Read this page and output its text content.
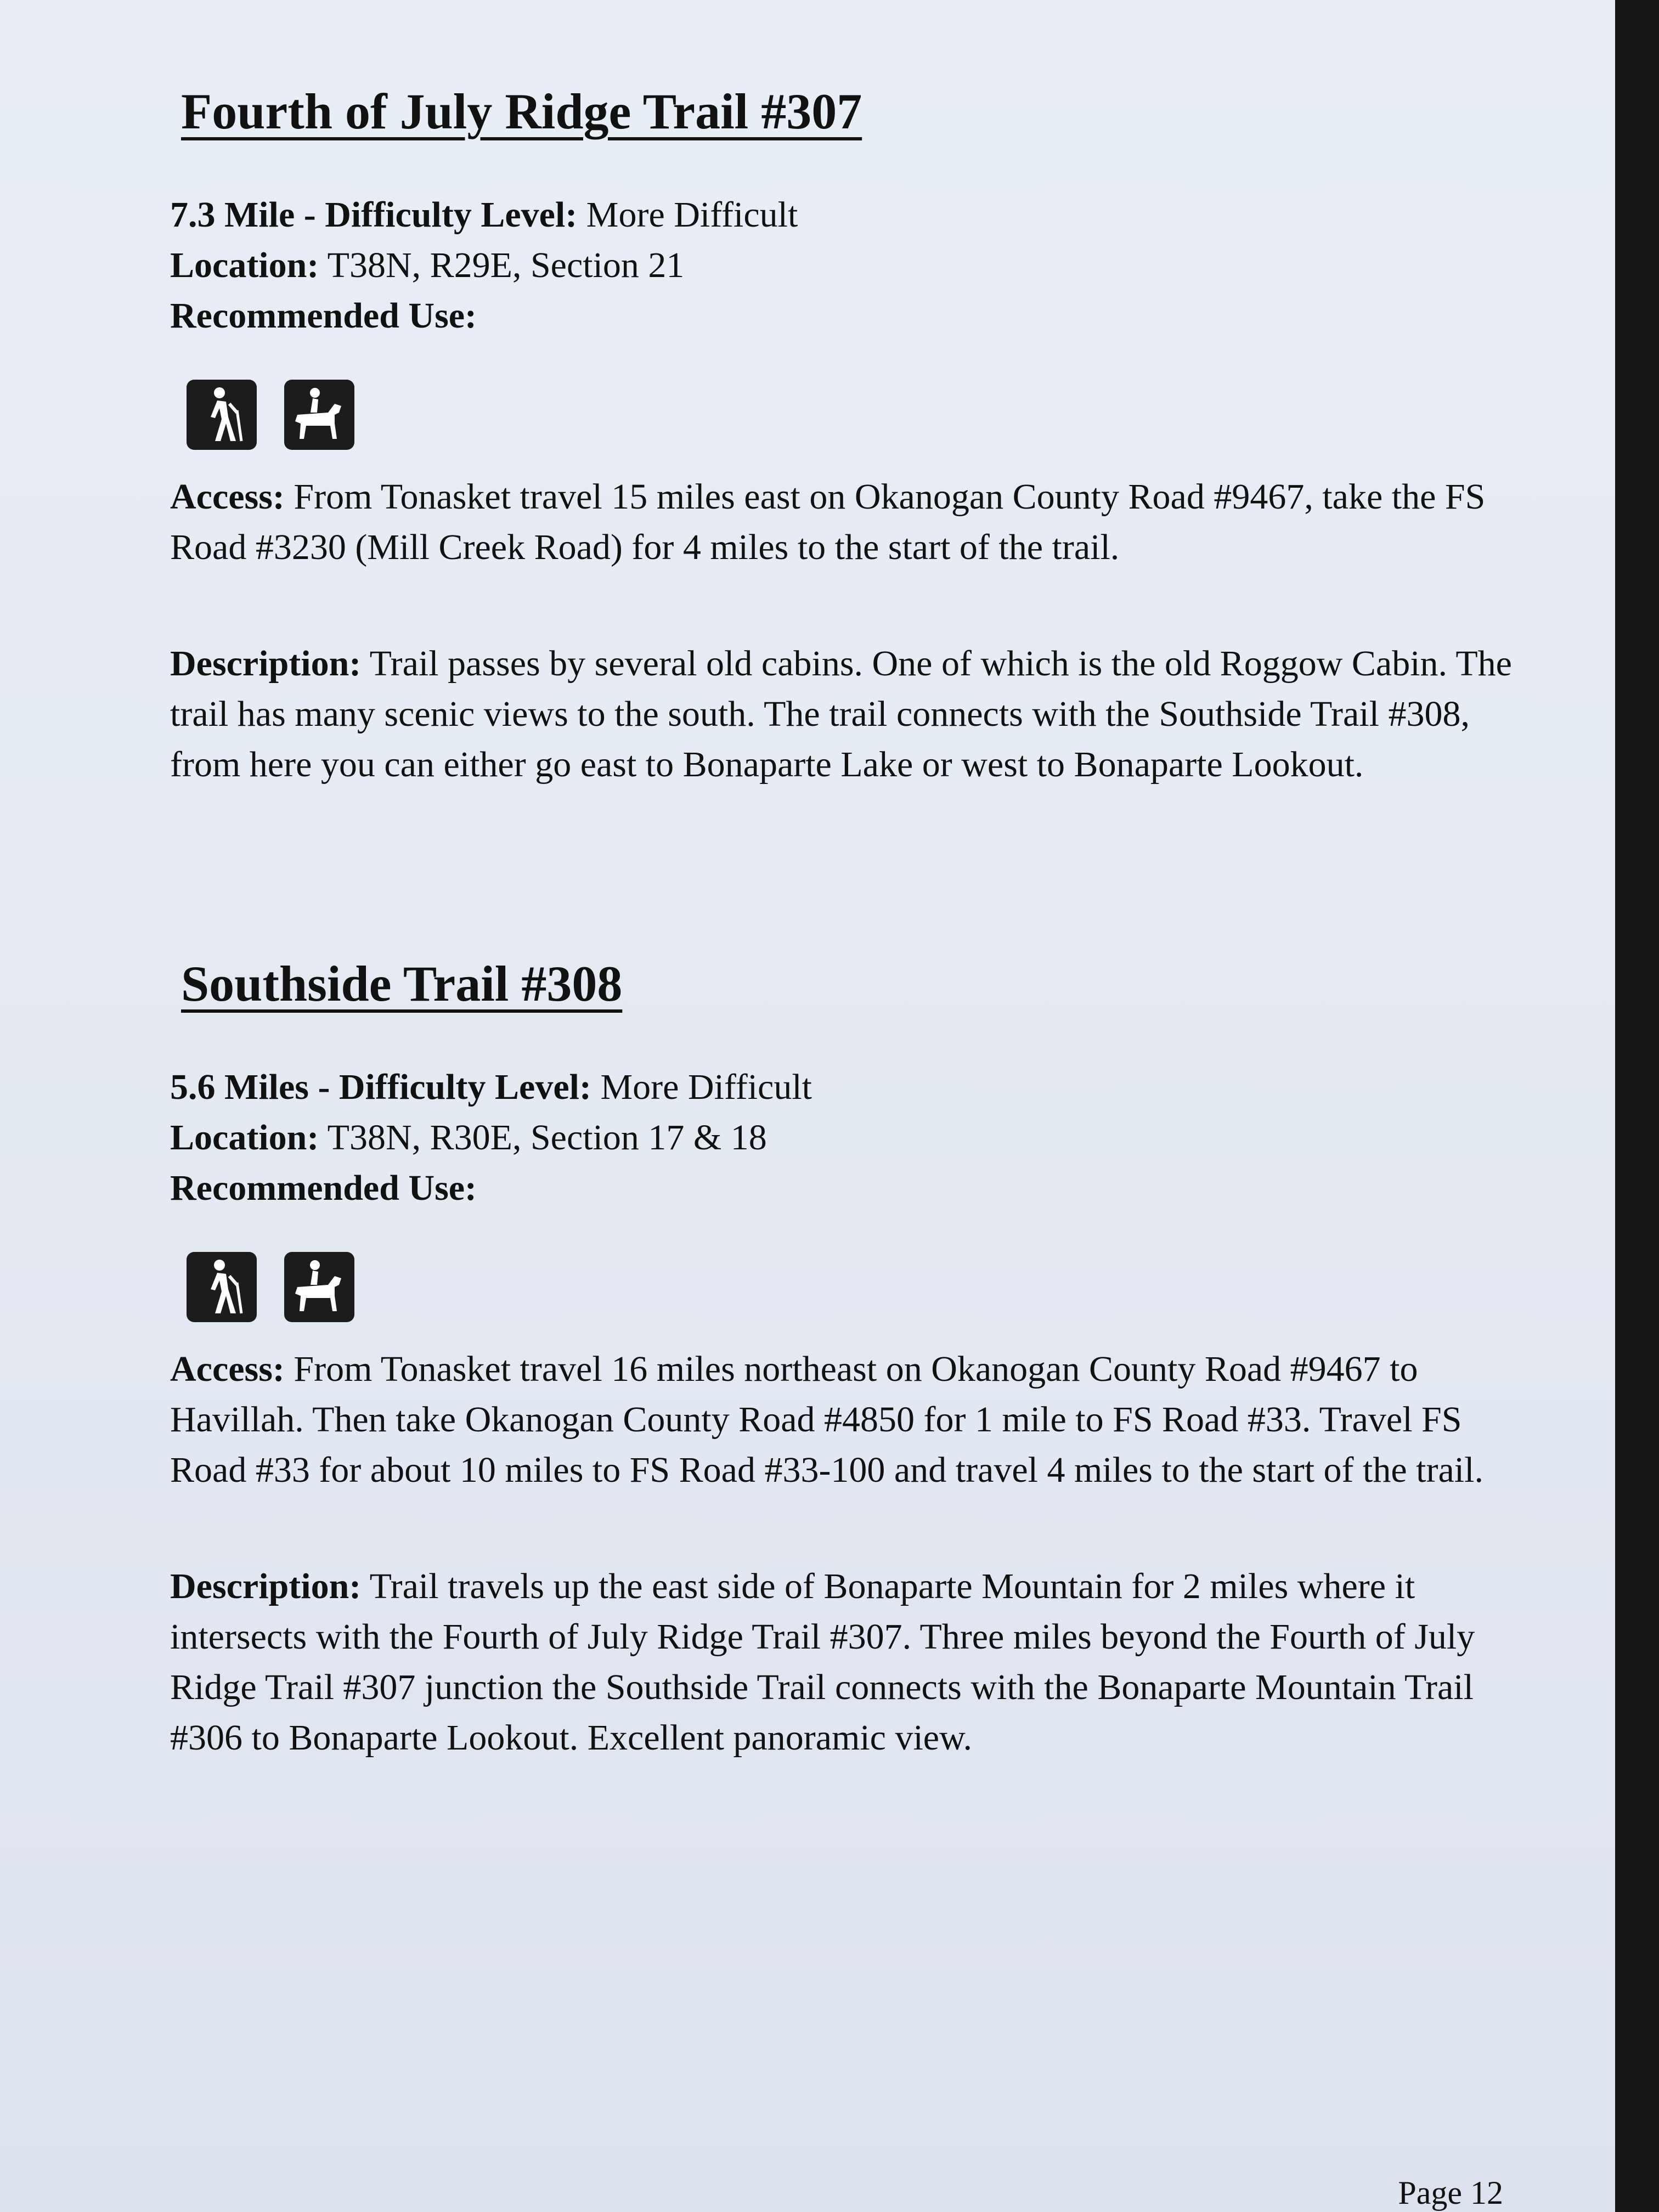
Fourth of July Ridge Trail #307
7.3 Mile - Difficulty Level: More Difficult
Location: T38N, R29E, Section 21
Recommended Use:
Access: From Tonasket travel 15 miles east on Okanogan County Road #9467, take the FS Road #3230 (Mill Creek Road) for 4 miles to the start of the trail.
Description: Trail passes by several old cabins. One of which is the old Roggow Cabin. The trail has many scenic views to the south. The trail connects with the Southside Trail #308, from here you can either go east to Bonaparte Lake or west to Bonaparte Lookout.
Southside Trail #308
5.6 Miles - Difficulty Level: More Difficult
Location: T38N, R30E, Section 17 & 18
Recommended Use:
Access: From Tonasket travel 16 miles northeast on Okanogan County Road #9467 to Havillah. Then take Okanogan County Road #4850 for 1 mile to FS Road #33. Travel FS Road #33 for about 10 miles to FS Road #33-100 and travel 4 miles to the start of the trail.
Description: Trail travels up the east side of Bonaparte Mountain for 2 miles where it intersects with the Fourth of July Ridge Trail #307. Three miles beyond the Fourth of July Ridge Trail #307 junction the Southside Trail connects with the Bonaparte Mountain Trail #306 to Bonaparte Lookout. Excellent panoramic view.
Page 12
